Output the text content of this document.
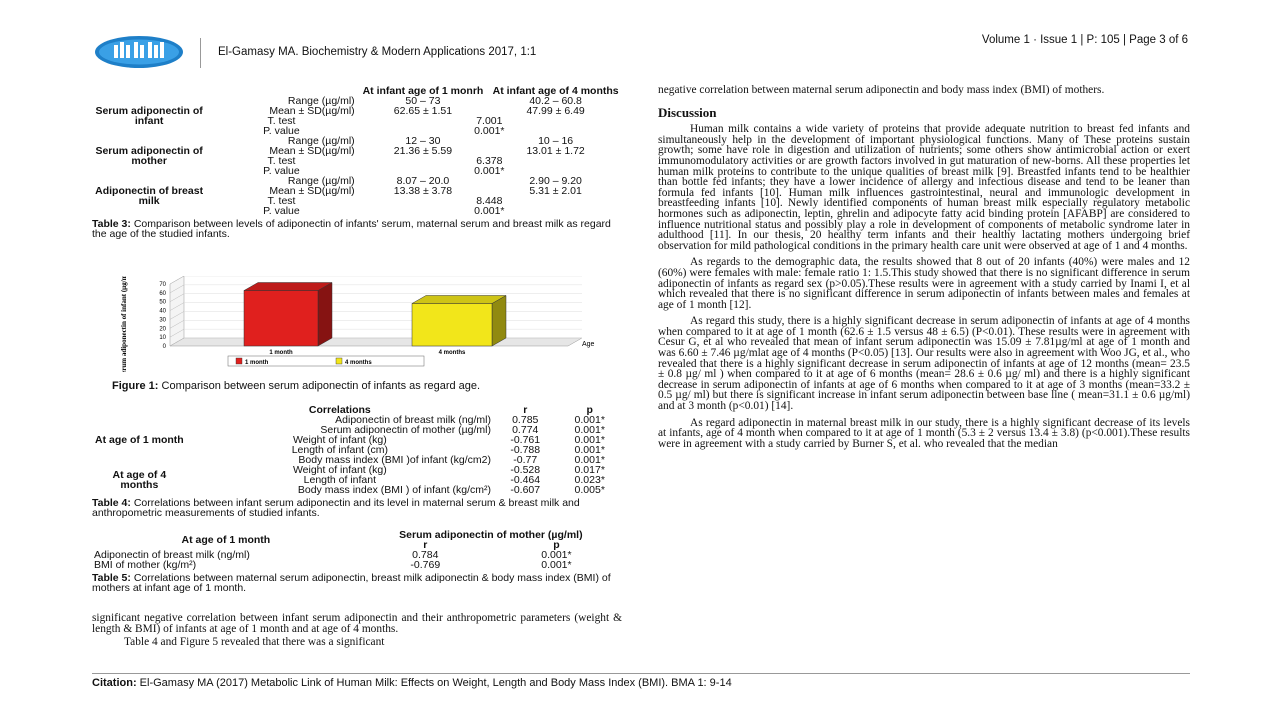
El-Gamasy MA. Biochemistry & Modern Applications 2017, 1:1
Volume 1 · Issue 1 | P: 105 | Page 3 of 6
		At infant age of 1 monrh	At infant age of 4 months
Serum adiponectin of infant	Range (µg/ml)	50 – 73	40.2 – 60.8
	Mean ± SD(µg/ml)	62.65 ± 1.51	47.99 ± 6.49
	T. test	7.001	
	P. value	0.001*	
Serum adiponectin of mother	Range (µg/ml)	12 – 30	10 – 16
	Mean ± SD(µg/ml)	21.36 ± 5.59	13.01 ± 1.72
	T. test	6.378	
	P. value	0.001*	
Adiponectin of breast milk	Range (µg/ml)	8.07 – 20.0	2.90 – 9.20
	Mean ± SD(µg/ml)	13.38 ± 3.78	5.31 ± 2.01
	T. test	8.448	
	P. value	0.001*	
Table 3: Comparison between levels of adiponectin of infants' serum, maternal serum and breast milk as regard the age of the studied infants.
Serum adiponectin of infant (µg/ml)	0
10
20
30
40
50
60
70
1 month	4 months
Age
1 month	4 months
Figure 1: Comparison between serum adiponectin of infants as regard age.
	Correlations	r	p
At age of 1 month	Adiponectin of breast milk (ng/ml)	0.785	0.001*
	Serum adiponectin of mother (µg/ml)	0.774	0.001*
	Weight of infant (kg)	-0.761	0.001*
	Length of infant (cm)	-0.788	0.001*
	Body mass index (BMI )of infant (kg/cm2)	-0.77	0.001*
At age of 4 months	Weight of infant (kg)	-0.528	0.017*
	Length of infant	-0.464	0.023*
	Body mass index (BMI ) of infant (kg/cm²)	-0.607	0.005*
Table 4: Correlations between infant serum adiponectin and its level in maternal serum & breast milk and anthropometric measurements of studied infants.
At age of 1 month	Serum adiponectin of mother (µg/ml)	
	r	p
Adiponectin of breast milk (ng/ml)	0.784	0.001*
BMI of mother (kg/m²)	-0.769	0.001*
Table 5: Correlations between maternal serum adiponectin, breast milk adiponectin & body mass index (BMI) of mothers at infant age of 1 month.

significant negative correlation between infant serum adiponectin and their anthropometric parameters (weight & length & BMI) of infants at age of 1 month and at age of 4 months.

Table 4 and Figure 5 revealed that there was a significant

negative correlation between maternal serum adiponectin and body mass index (BMI) of mothers.

Discussion

Human milk contains a wide variety of proteins that provide adequate nutrition to breast fed infants and simultaneously help in the development of important physiological functions. Many of These proteins sustain growth; some have role in digestion and utilization of nutrients; some others show antimicrobial action or exert immunomodulatory activities or are growth factors involved in gut maturation of new-borns. All these properties let human milk proteins to contribute to the unique qualities of breast milk [9]. Breastfed infants tend to be healthier than bottle fed infants; they have a lower incidence of allergy and infectious disease and tend to be leaner than formula fed infants [10]. Human milk influences gastrointestinal, neural and immunologic development in breastfeeding infants [10]. Newly identified components of human breast milk especially regulatory metabolic hormones such as adiponectin, leptin, ghrelin and adipocyte fatty acid binding protein [AFABP] are considered to influence nutritional status and possibly play a role in development of components of metabolic syndrome later in adulthood [11]. In our thesis, 20 healthy term infants and their healthy lactating mothers undergoing brief observation for mild pathological conditions in the primary health care unit were observed at age of 1 and 4 months.

As regards to the demographic data, the results showed that 8 out of 20 infants (40%) were males and 12 (60%) were females with male: female ratio 1: 1.5.This study showed that there is no significant difference in serum adiponectin of infants as regard sex (p>0.05).These results were in agreement with a study carried by Inami I, et al which revealed that there is no significant difference in serum adiponectin of infants between males and females at age of 1 month [12].

As regard this study, there is a highly significant decrease in serum adiponectin of infants at age of 4 months when compared to it at age of 1 month (62.6 ± 1.5 versus 48 ± 6.5) (P<0.01). These results were in agreement with Cesur G, et al who revealed that mean of infant serum adiponectin was 15.09 ± 7.81µg/ml at age of 1 month and was 6.60 ± 7.46 µg/mlat age of 4 months (P<0.05) [13]. Our results were also in agreement with Woo JG, et al., who revealed that there is a highly significant decrease in serum adiponectin of infants at age of 12 months (mean= 23.5 ± 0.8 µg/ ml ) when compared to it at age of 6 months (mean= 28.6 ± 0.6 µg/ ml) and there is a highly significant decrease in serum adiponectin of infants at age of 6 months when compared to it at age of 3 months (mean=33.2 ± 0.5 µg/ ml) but there is significant increase in infant serum adiponectin between base line ( mean=31.1 ± 0.6 µg/ml) and at 3 month (p<0.01) [14].

As regard adiponectin in maternal breast milk in our study, there is a highly significant decrease of its levels at infants, age of 4 month when compared to it at age of 1 month (5.3 ± 2 versus 13.4 ± 3.8) (p<0.001).These results were in agreement with a study carried by Burner S, et al. who revealed that the median

Citation: El-Gamasy MA (2017) Metabolic Link of Human Milk: Effects on Weight, Length and Body Mass Index (BMI). BMA 1: 9-14
